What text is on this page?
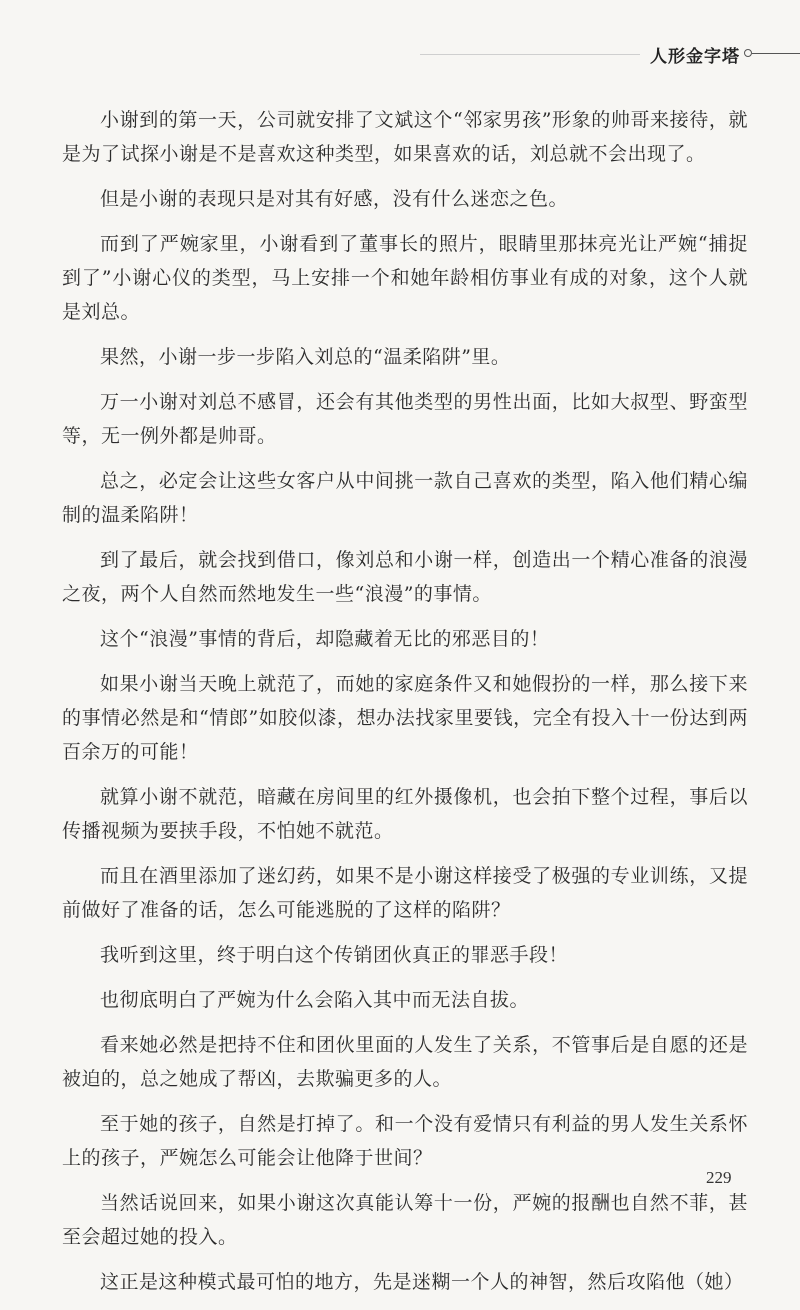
人形金字塔

小谢到的第一天，公司就安排了文斌这个“邻家男孩”形象的帅哥来接待，就是为了试探小谢是不是喜欢这种类型，如果喜欢的话，刘总就不会出现了。

但是小谢的表现只是对其有好感，没有什么迷恋之色。

而到了严婉家里，小谢看到了董事长的照片，眼睛里那抹亮光让严婉“捕捉到了”小谢心仪的类型，马上安排一个和她年龄相仿事业有成的对象，这个人就是刘总。

果然，小谢一步一步陷入刘总的“温柔陷阱”里。

万一小谢对刘总不感冒，还会有其他类型的男性出面，比如大叔型、野蛮型等，无一例外都是帅哥。

总之，必定会让这些女客户从中间挑一款自己喜欢的类型，陷入他们精心编制的温柔陷阱！

到了最后，就会找到借口，像刘总和小谢一样，创造出一个精心准备的浪漫之夜，两个人自然而然地发生一些“浪漫”的事情。

这个“浪漫”事情的背后，却隐藏着无比的邪恶目的！

如果小谢当天晚上就范了，而她的家庭条件又和她假扮的一样，那么接下来的事情必然是和“情郎”如胶似漆，想办法找家里要钱，完全有投入十一份达到两百余万的可能！

就算小谢不就范，暗藏在房间里的红外摄像机，也会拍下整个过程，事后以传播视频为要挟手段，不怕她不就范。

而且在酒里添加了迷幻药，如果不是小谢这样接受了极强的专业训练，又提前做好了准备的话，怎么可能逃脱的了这样的陷阱？

我听到这里，终于明白这个传销团伙真正的罪恶手段！

也彻底明白了严婉为什么会陷入其中而无法自拔。

看来她必然是把持不住和团伙里面的人发生了关系，不管事后是自愿的还是被迫的，总之她成了帮凶，去欺骗更多的人。

至于她的孩子，自然是打掉了。和一个没有爱情只有利益的男人发生关系怀上的孩子，严婉怎么可能会让他降于世间？

当然话说回来，如果小谢这次真能认筹十一份，严婉的报酬也自然不菲，甚至会超过她的投入。

这正是这种模式最可怕的地方，先是迷糊一个人的神智，然后攻陷他（她）

229
